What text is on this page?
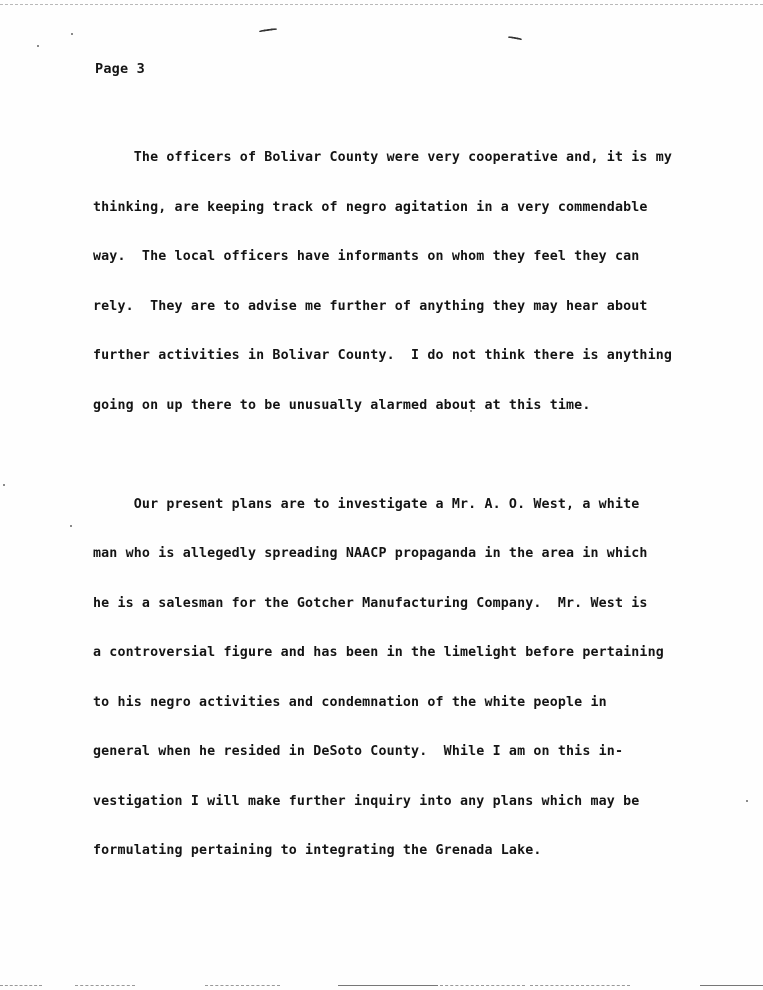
Page 3

The officers of Bolivar County were very cooperative and, it is my

thinking, are keeping track of negro agitation in a very commendable

way.  The local officers have informants on whom they feel they can

rely.  They are to advise me further of anything they may hear about

further activities in Bolivar County.  I do not think there is anything

going on up there to be unusually alarmed about at this time.

Our present plans are to investigate a Mr. A. O. West, a white

man who is allegedly spreading NAACP propaganda in the area in which

he is a salesman for the Gotcher Manufacturing Company.  Mr. West is

a controversial figure and has been in the limelight before pertaining

to his negro activities and condemnation of the white people in

general when he resided in DeSoto County.  While I am on this in-

vestigation I will make further inquiry into any plans which may be

formulating pertaining to integrating the Grenada Lake.
